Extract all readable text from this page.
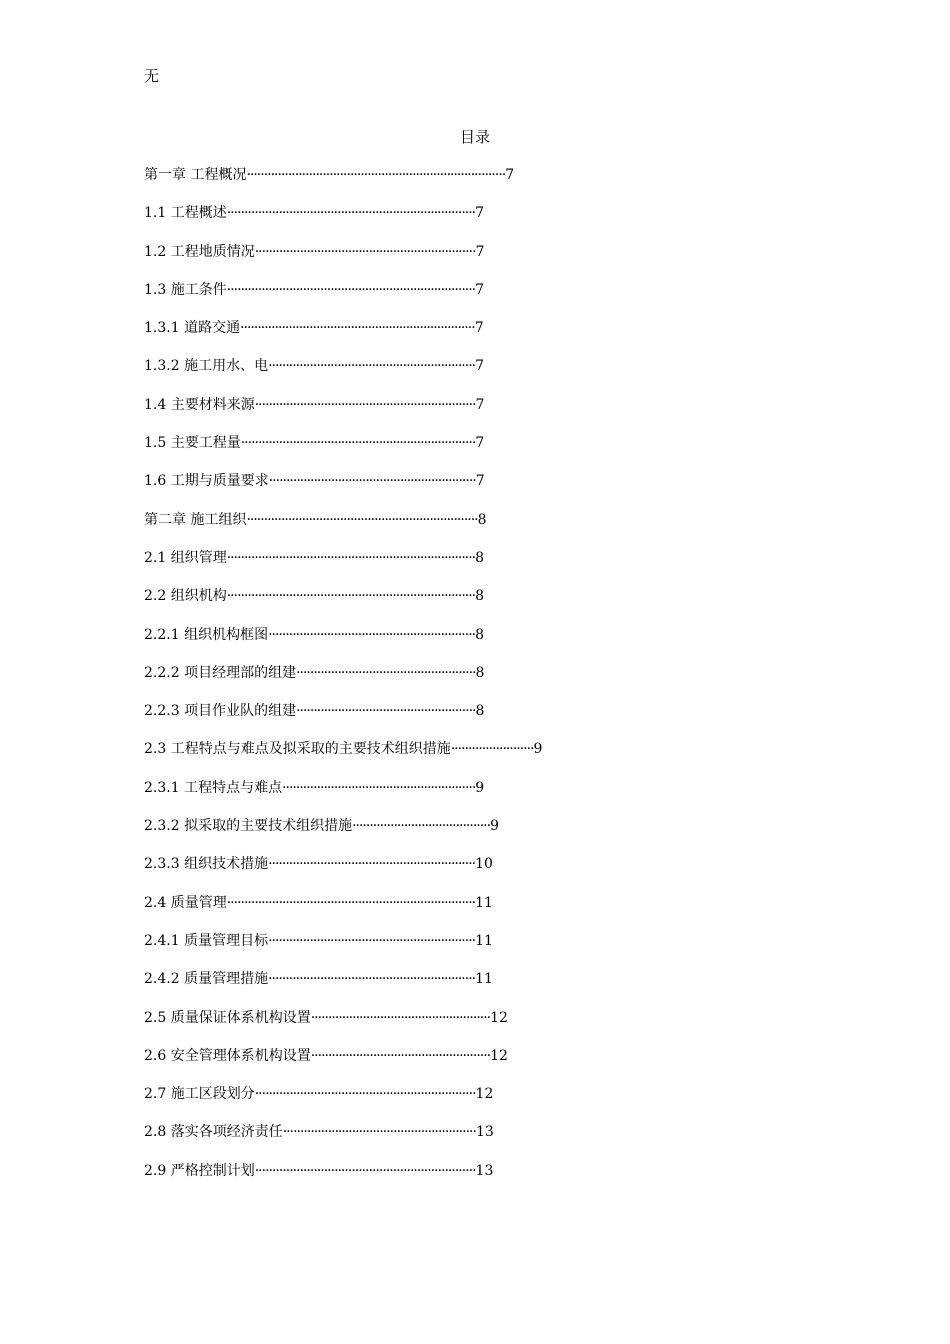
无
目录
第一章 工程概况 ··········································································· 7
1.1 工程概述 ········································································ 7
1.2 工程地质情况 ································································ 7
1.3 施工条件 ········································································ 7
1.3.1 道路交通 ···································································· 7
1.3.2 施工用水、电 ···························································· 7
1.4 主要材料来源 ································································ 7
1.5 主要工程量 ···································································· 7
1.6 工期与质量要求 ···························································· 7
第二章 施工组织 ··································································· 8
2.1 组织管理 ········································································ 8
2.2 组织机构 ········································································ 8
2.2.1 组织机构框图 ···························································· 8
2.2.2 项目经理部的组建 ···················································· 8
2.2.3 项目作业队的组建 ···················································· 8
2.3 工程特点与难点及拟采取的主要技术组织措施 ························ 9
2.3.1 工程特点与难点 ························································ 9
2.3.2 拟采取的主要技术组织措施 ········································ 9
2.3.3 组织技术措施 ···························································· 10
2.4 质量管理 ········································································ 11
2.4.1 质量管理目标 ···························································· 11
2.4.2 质量管理措施 ···························································· 11
2.5 质量保证体系机构设置 ···················································· 12
2.6 安全管理体系机构设置 ···················································· 12
2.7 施工区段划分 ································································ 12
2.8 落实各项经济责任 ························································ 13
2.9 严格控制计划 ································································ 13
